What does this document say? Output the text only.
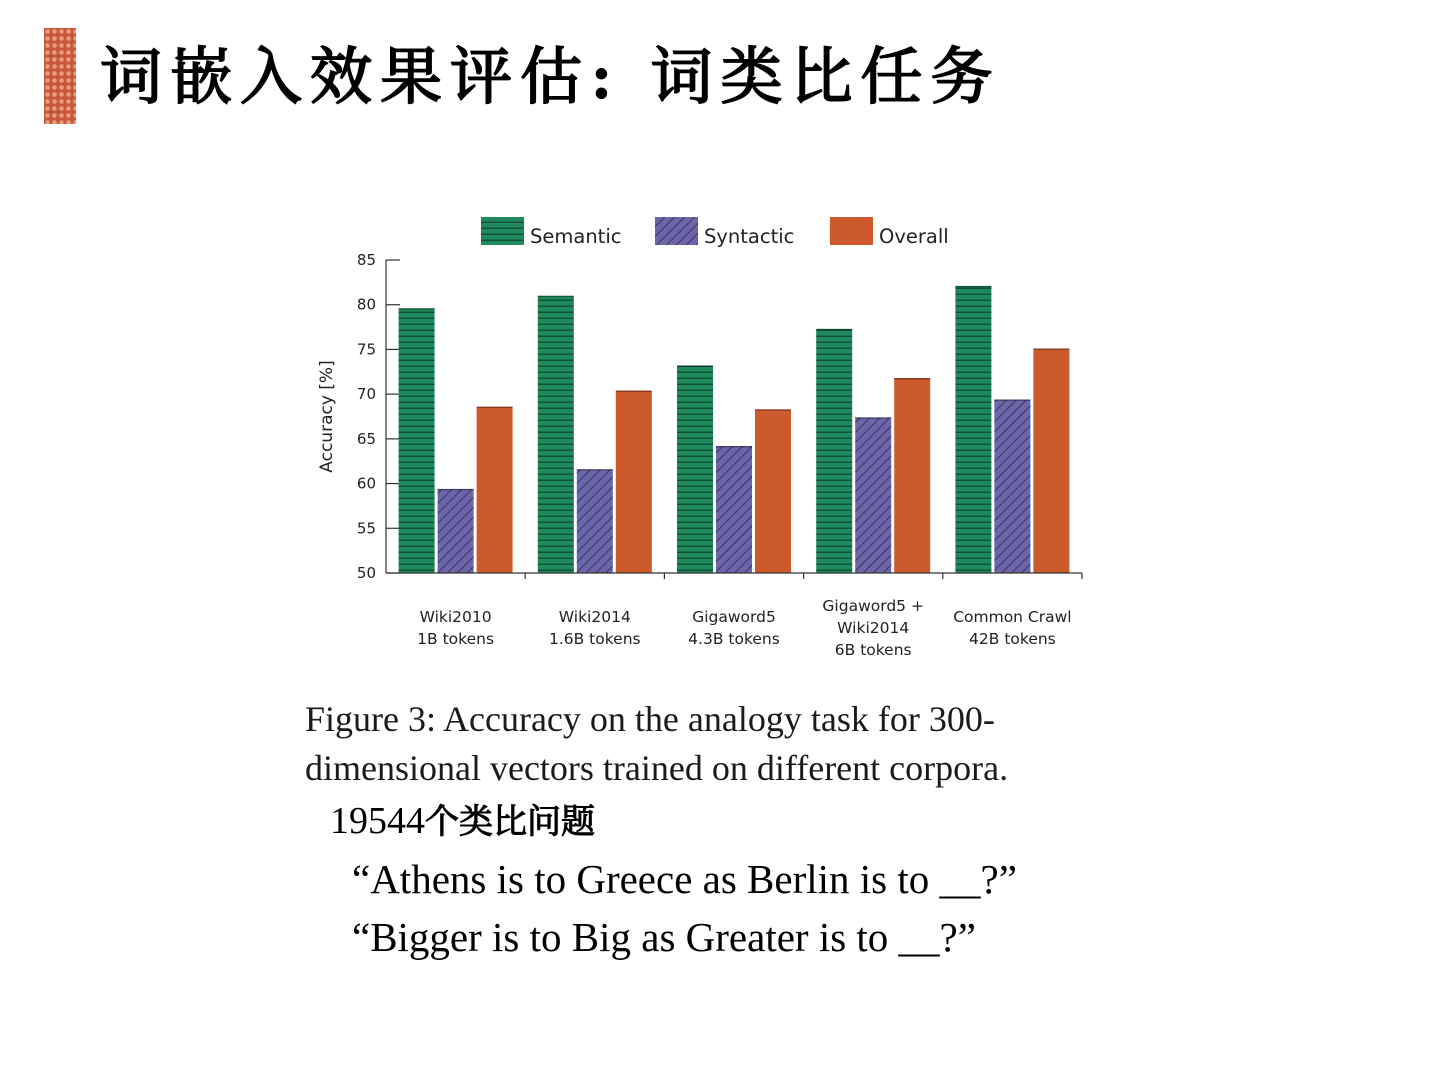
词嵌入效果评估: 词类比任务
Semantic	Syntactic	Overall
50
55
60
65
70
75
80
85
Accuracy [%]
Wiki2010
1B tokens
Wiki2014
1.6B tokens
Gigaword5
4.3B tokens
Gigaword5 +
Wiki2014
6B tokens
Common Crawl
42B tokens
Figure 3: Accuracy on the analogy task for 300-dimensional vectors trained on different corpora.
19544个类比问题
“Athens is to Greece as Berlin is to __?”
“Bigger is to Big as Greater is to __?”
